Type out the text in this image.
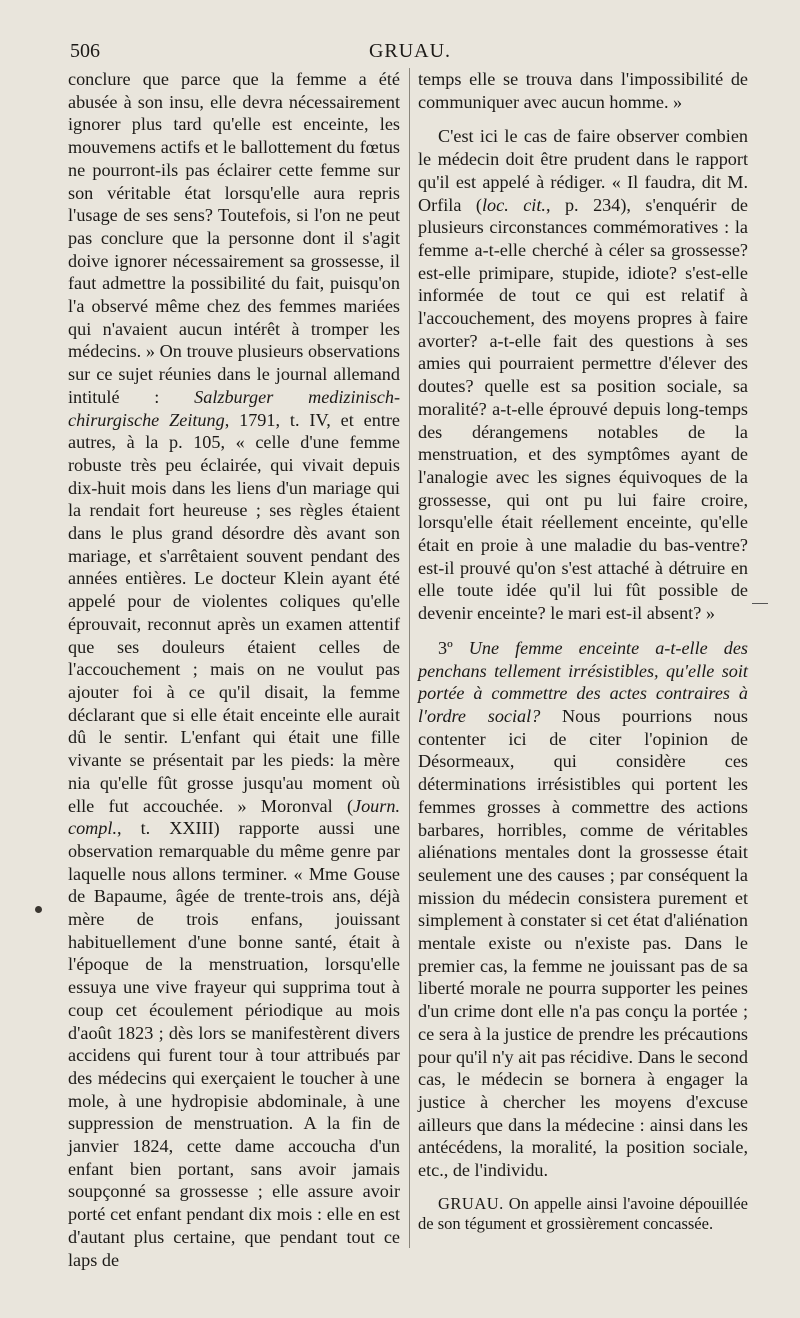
506	GRUAU.

conclure que parce que la femme a été abusée à son insu, elle devra nécessairement ignorer plus tard qu'elle est enceinte, les mouvemens actifs et le ballottement du fœtus ne pourront-ils pas éclairer cette femme sur son véritable état lorsqu'elle aura repris l'usage de ses sens? Toutefois, si l'on ne peut pas conclure que la personne dont il s'agit doive ignorer nécessairement sa grossesse, il faut admettre la possibilité du fait, puisqu'on l'a observé même chez des femmes mariées qui n'avaient aucun intérêt à tromper les médecins. » On trouve plusieurs observations sur ce sujet réunies dans le journal allemand intitulé : Salzburger medizinisch-chirurgische Zeitung, 1791, t. IV, et entre autres, à la p. 105, « celle d'une femme robuste très peu éclairée, qui vivait depuis dix-huit mois dans les liens d'un mariage qui la rendait fort heureuse ; ses règles étaient dans le plus grand désordre dès avant son mariage, et s'arrêtaient souvent pendant des années entières. Le docteur Klein ayant été appelé pour de violentes coliques qu'elle éprouvait, reconnut après un examen attentif que ses douleurs étaient celles de l'accouchement ; mais on ne voulut pas ajouter foi à ce qu'il disait, la femme déclarant que si elle était enceinte elle aurait dû le sentir. L'enfant qui était une fille vivante se présentait par les pieds: la mère nia qu'elle fût grosse jusqu'au moment où elle fut accouchée. » Moronval (Journ. compl., t. XXIII) rapporte aussi une observation remarquable du même genre par laquelle nous allons terminer. « Mme Gouse de Bapaume, âgée de trente-trois ans, déjà mère de trois enfans, jouissant habituellement d'une bonne santé, était à l'époque de la menstruation, lorsqu'elle essuya une vive frayeur qui supprima tout à coup cet écoulement périodique au mois d'août 1823 ; dès lors se manifestèrent divers accidens qui furent tour à tour attribués par des médecins qui exerçaient le toucher à une mole, à une hydropisie abdominale, à une suppression de menstruation. A la fin de janvier 1824, cette dame accoucha d'un enfant bien portant, sans avoir jamais soupçonné sa grossesse ; elle assure avoir porté cet enfant pendant dix mois : elle en est d'autant plus certaine, que pendant tout ce laps de

temps elle se trouva dans l'impossibilité de communiquer avec aucun homme. »

C'est ici le cas de faire observer combien le médecin doit être prudent dans le rapport qu'il est appelé à rédiger. « Il faudra, dit M. Orfila (loc. cit., p. 234), s'enquérir de plusieurs circonstances commémoratives : la femme a-t-elle cherché à céler sa grossesse? est-elle primipare, stupide, idiote? s'est-elle informée de tout ce qui est relatif à l'accouchement, des moyens propres à faire avorter? a-t-elle fait des questions à ses amies qui pourraient permettre d'élever des doutes? quelle est sa position sociale, sa moralité? a-t-elle éprouvé depuis long-temps des dérangemens notables de la menstruation, et des symptômes ayant de l'analogie avec les signes équivoques de la grossesse, qui ont pu lui faire croire, lorsqu'elle était réellement enceinte, qu'elle était en proie à une maladie du bas-ventre? est-il prouvé qu'on s'est attaché à détruire en elle toute idée qu'il lui fût possible de devenir enceinte? le mari est-il absent? »

3º Une femme enceinte a-t-elle des penchans tellement irrésistibles, qu'elle soit portée à commettre des actes contraires à l'ordre social? Nous pourrions nous contenter ici de citer l'opinion de Désormeaux, qui considère ces déterminations irrésistibles qui portent les femmes grosses à commettre des actions barbares, horribles, comme de véritables aliénations mentales dont la grossesse était seulement une des causes ; par conséquent la mission du médecin consistera purement et simplement à constater si cet état d'aliénation mentale existe ou n'existe pas. Dans le premier cas, la femme ne jouissant pas de sa liberté morale ne pourra supporter les peines d'un crime dont elle n'a pas conçu la portée ; ce sera à la justice de prendre les précautions pour qu'il n'y ait pas récidive. Dans le second cas, le médecin se bornera à engager la justice à chercher les moyens d'excuse ailleurs que dans la médecine : ainsi dans les antécédens, la moralité, la position sociale, etc., de l'individu.

GRUAU. On appelle ainsi l'avoine dépouillée de son tégument et grossièrement concassée.
